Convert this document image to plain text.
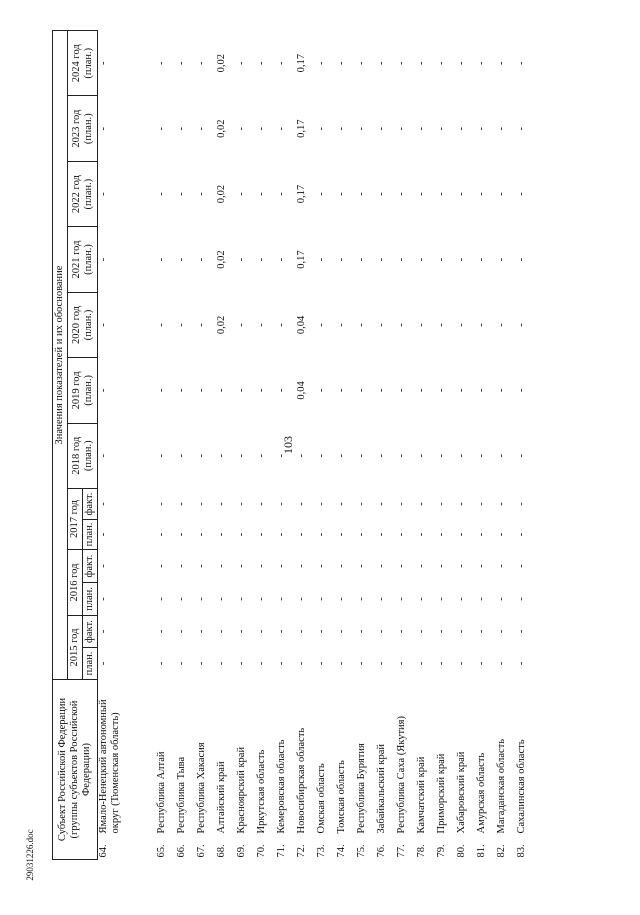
103
29031226.doc
Субъект Российской Федерации (группы субъектов Российской Федерации)		Значения показателей и их обоснование												
		2015 год		2016 год		2017 год		2018 год (план.)	2019 год (план.)	2020 год (план.)	2021 год (план.)	2022 год (план.)	2023 год (план.)	2024 год (план.)
		план.	факт.	план.	факт.	план.	факт.							
64.	Ямало-Ненецкий автономный округ (Тюменская область)	-	-	-	-	-	-	-	-	-	-	-	-	-
65.	Республика Алтай	-	-	-	-	-	-	-	-	-	-	-	-	-
66.	Республика Тыва	-	-	-	-	-	-	-	-	-	-	-	-	-
67.	Республика Хакасия	-	-	-	-	-	-	-	-	-	-	-	-	-
68.	Алтайский край	-	-	-	-	-	-	-	-	0,02	0,02	0,02	0,02	0,02
69.	Красноярский край	-	-	-	-	-	-	-	-	-	-	-	-	-
70.	Иркутская область	-	-	-	-	-	-	-	-	-	-	-	-	-
71.	Кемеровская область	-	-	-	-	-	-	-	-	-	-	-	-	-
72.	Новосибирская область	-	-	-	-	-	-	-	0,04	0,04	0,17	0,17	0,17	0,17
73.	Омская область	-	-	-	-	-	-	-	-	-	-	-	-	-
74.	Томская область	-	-	-	-	-	-	-	-	-	-	-	-	-
75.	Республика Бурятия	-	-	-	-	-	-	-	-	-	-	-	-	-
76.	Забайкальский край	-	-	-	-	-	-	-	-	-	-	-	-	-
77.	Республика Саха (Якутия)	-	-	-	-	-	-	-	-	-	-	-	-	-
78.	Камчатский край	-	-	-	-	-	-	-	-	-	-	-	-	-
79.	Приморский край	-	-	-	-	-	-	-	-	-	-	-	-	-
80.	Хабаровский край	-	-	-	-	-	-	-	-	-	-	-	-	-
81.	Амурская область	-	-	-	-	-	-	-	-	-	-	-	-	-
82.	Магаданская область	-	-	-	-	-	-	-	-	-	-	-	-	-
83.	Сахалинская область	-	-	-	-	-	-	-	-	-	-	-	-	-
